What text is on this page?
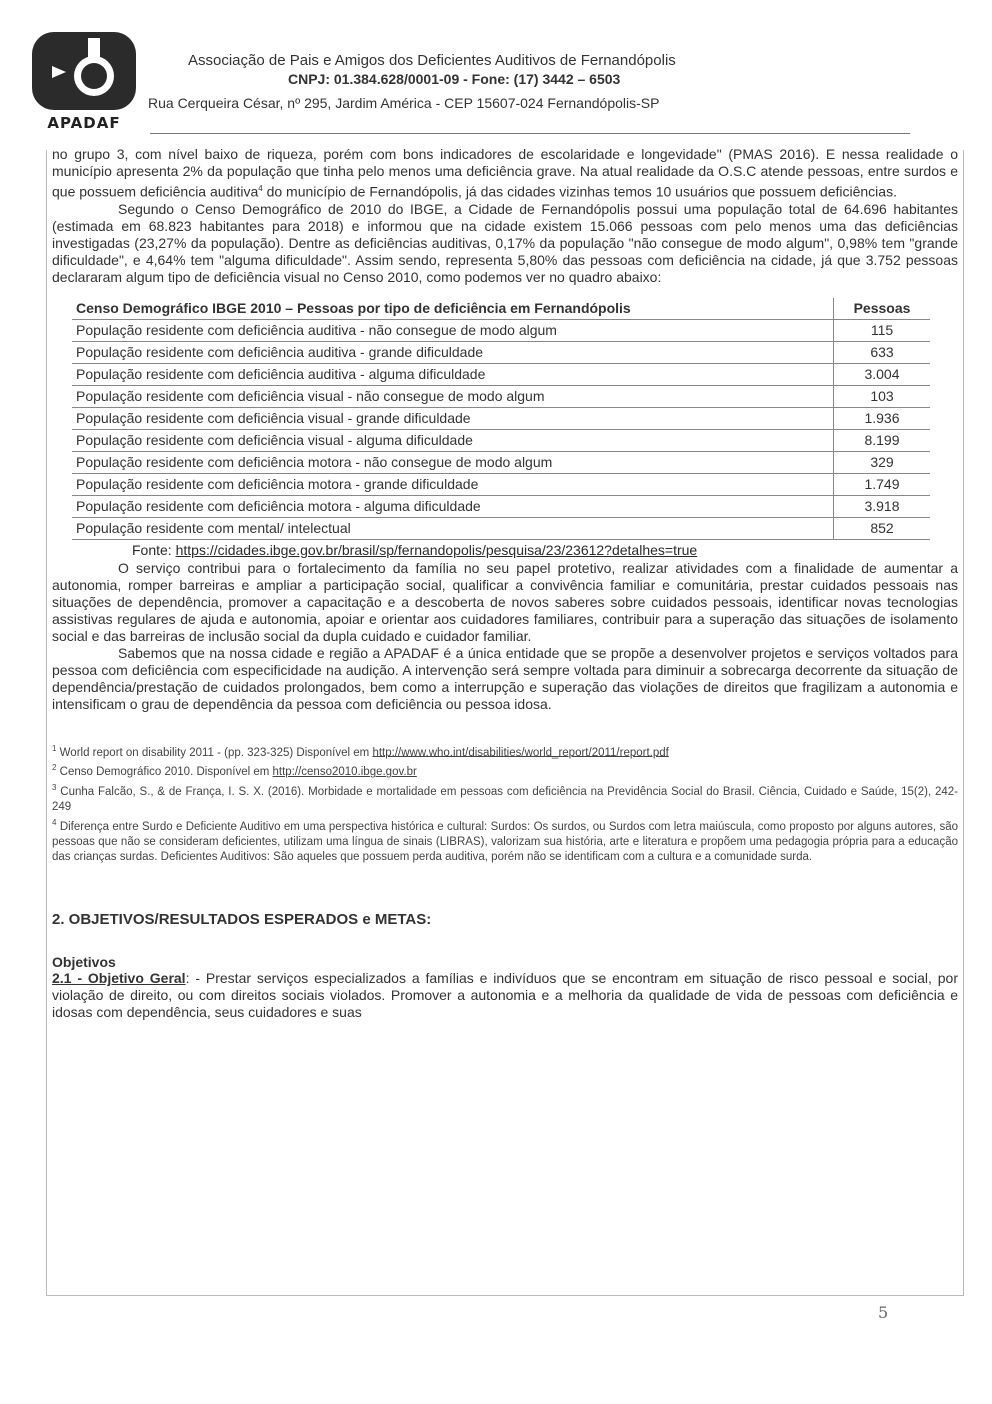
APADAF
Associação de Pais e Amigos dos Deficientes Auditivos de Fernandópolis
CNPJ: 01.384.628/0001-09 - Fone: (17) 3442 – 6503
Rua Cerqueira César, nº 295, Jardim América - CEP 15607-024 Fernandópolis-SP

no grupo 3, com nível baixo de riqueza, porém com bons indicadores de escolaridade e longevidade" (PMAS 2016). E nessa realidade o município apresenta 2% da população que tinha pelo menos uma deficiência grave. Na atual realidade da O.S.C atende pessoas, entre surdos e que possuem deficiência auditiva$^4$ do município de Fernandópolis, já das cidades vizinhas temos 10 usuários que possuem deficiências.

Segundo o Censo Demográfico de 2010 do IBGE, a Cidade de Fernandópolis possui uma população total de 64.696 habitantes (estimada em 68.823 habitantes para 2018) e informou que na cidade existem 15.066 pessoas com pelo menos uma das deficiências investigadas (23,27% da população). Dentre as deficiências auditivas, 0,17% da população "não consegue de modo algum", 0,98% tem "grande dificuldade", e 4,64% tem "alguma dificuldade". Assim sendo, representa 5,80% das pessoas com deficiência na cidade, já que 3.752 pessoas declararam algum tipo de deficiência visual no Censo 2010, como podemos ver no quadro abaixo:

Censo Demográfico IBGE 2010 – Pessoas por tipo de deficiência em Fernandópolis	Pessoas
População residente com deficiência auditiva - não consegue de modo algum	115
População residente com deficiência auditiva - grande dificuldade	633
População residente com deficiência auditiva - alguma dificuldade	3.004
População residente com deficiência visual - não consegue de modo algum	103
População residente com deficiência visual - grande dificuldade	1.936
População residente com deficiência visual - alguma dificuldade	8.199
População residente com deficiência motora - não consegue de modo algum	329
População residente com deficiência motora - grande dificuldade	1.749
População residente com deficiência motora - alguma dificuldade	3.918
População residente com mental/ intelectual	852
Fonte: https://cidades.ibge.gov.br/brasil/sp/fernandopolis/pesquisa/23/23612?detalhes=true

O serviço contribui para o fortalecimento da família no seu papel protetivo, realizar atividades com a finalidade de aumentar a autonomia, romper barreiras e ampliar a participação social, qualificar a convivência familiar e comunitária, prestar cuidados pessoais nas situações de dependência, promover a capacitação e a descoberta de novos saberes sobre cuidados pessoais, identificar novas tecnologias assistivas regulares de ajuda e autonomia, apoiar e orientar aos cuidadores familiares, contribuir para a superação das situações de isolamento social e das barreiras de inclusão social da dupla cuidado e cuidador familiar.

Sabemos que na nossa cidade e região a APADAF é a única entidade que se propõe a desenvolver projetos e serviços voltados para pessoa com deficiência com especificidade na audição. A intervenção será sempre voltada para diminuir a sobrecarga decorrente da situação de dependência/prestação de cuidados prolongados, bem como a interrupção e superação das violações de direitos que fragilizam a autonomia e intensificam o grau de dependência da pessoa com deficiência ou pessoa idosa.

$^1$ World report on disability 2011 - (pp. 323-325) Disponível em http://www.who.int/disabilities/world_report/2011/report.pdf

$^2$ Censo Demográfico 2010. Disponível em http://censo2010.ibge.gov.br

$^3$ Cunha Falcão, S., & de França, I. S. X. (2016). Morbidade e mortalidade em pessoas com deficiência na Previdência Social do Brasil. Ciência, Cuidado e Saúde, 15(2), 242-249

$^4$ Diferença entre Surdo e Deficiente Auditivo em uma perspectiva histórica e cultural: Surdos: Os surdos, ou Surdos com letra maiúscula, como proposto por alguns autores, são pessoas que não se consideram deficientes, utilizam uma língua de sinais (LIBRAS), valorizam sua história, arte e literatura e propõem uma pedagogia própria para a educação das crianças surdas. Deficientes Auditivos: São aqueles que possuem perda auditiva, porém não se identificam com a cultura e a comunidade surda.

2. OBJETIVOS/RESULTADOS ESPERADOS e METAS:
Objetivos

2.1 - Objetivo Geral: - Prestar serviços especializados a famílias e indivíduos que se encontram em situação de risco pessoal e social, por violação de direito, ou com direitos sociais violados. Promover a autonomia e a melhoria da qualidade de vida de pessoas com deficiência e idosas com dependência, seus cuidadores e suas

5
